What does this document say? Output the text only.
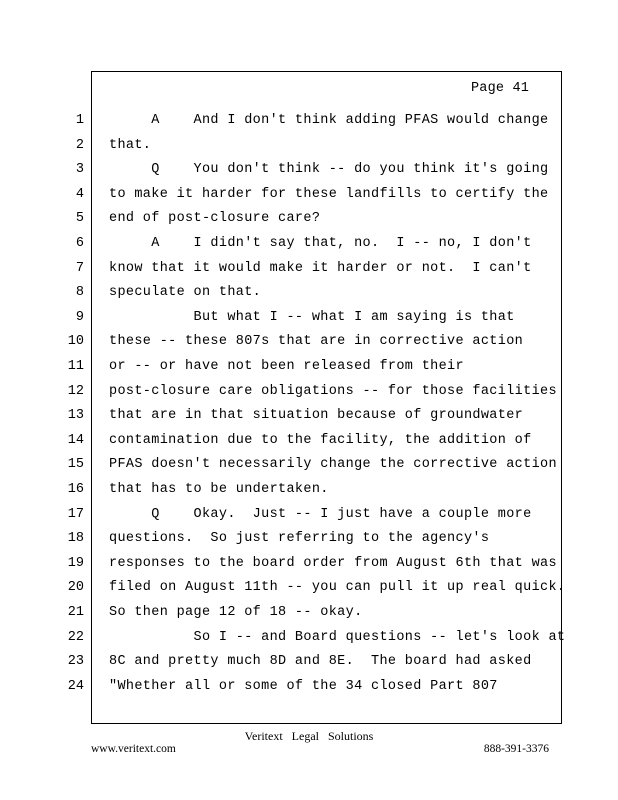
Page 41
1 A    And I don't think adding PFAS would change
2 that.
3 Q    You don't think -- do you think it's going
4 to make it harder for these landfills to certify the
5 end of post-closure care?
6 A    I didn't say that, no.  I -- no, I don't
7 know that it would make it harder or not.  I can't
8 speculate on that.
9 But what I -- what I am saying is that
10 these -- these 807s that are in corrective action
11 or -- or have not been released from their
12 post-closure care obligations -- for those facilities
13 that are in that situation because of groundwater
14 contamination due to the facility, the addition of
15 PFAS doesn't necessarily change the corrective action
16 that has to be undertaken.
17 Q    Okay.  Just -- I just have a couple more
18 questions.  So just referring to the agency's
19 responses to the board order from August 6th that was
20 filed on August 11th -- you can pull it up real quick.
21 So then page 12 of 18 -- okay.
22 So I -- and Board questions -- let's look at
23 8C and pretty much 8D and 8E.  The board had asked
24 "Whether all or some of the 34 closed Part 807
Veritext Legal Solutions
www.veritext.com	888-391-3376
